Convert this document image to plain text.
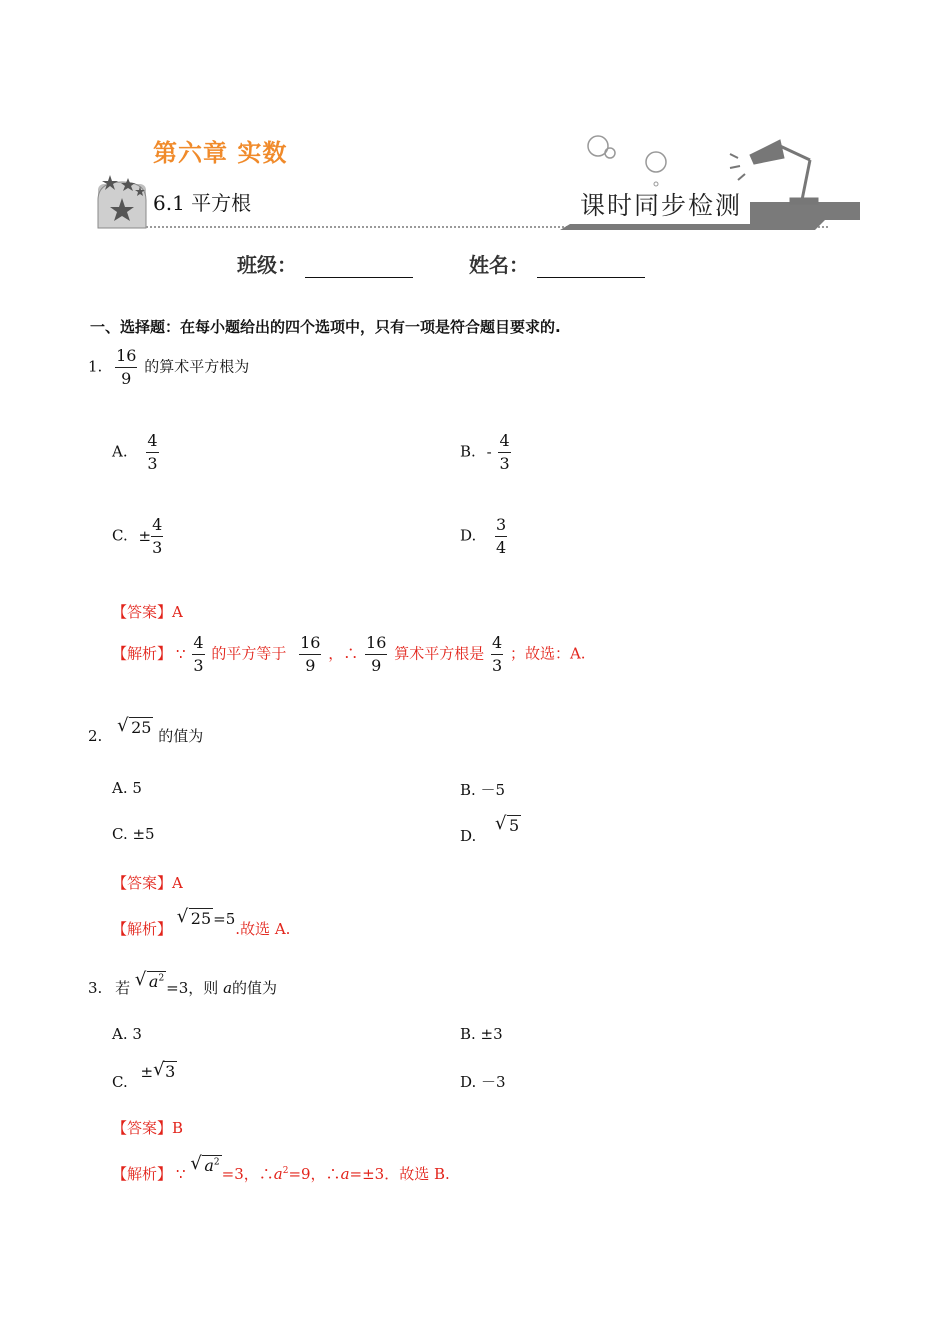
第六章 实数
6.1 平方根	课时同步检测
班级：	姓名：
一、选择题：在每小题给出的四个选项中，只有一项是符合题目要求的.
1. $\frac{16}{9}$ 的算术平方根为
A. $\frac{4}{3}$	B. - $\frac{4}{3}$
C. ± $\frac{4}{3}$	D. $\frac{3}{4}$
【答案】A
【解析】 ∵ $\frac{4}{3}$ 的平方等于 $\frac{16}{9}$ ，∴ $\frac{16}{9}$ 算术平方根是 $\frac{4}{3}$ ；故选：A.
2. √ 25 的值为
A. 5	B. －5
C. ±5	D.
√ 5
【答案】A
【解析】
√ 25 =5.故选 A.
3. 若 √ $a^2=3$，则 a的值为
A. 3	B. ±3
C. ± √ 3
D. －3
【答案】B
【解析】 ∵ √ $a^2=3$，$\therefore a^2=9$，∴a=±3．故选 B.
